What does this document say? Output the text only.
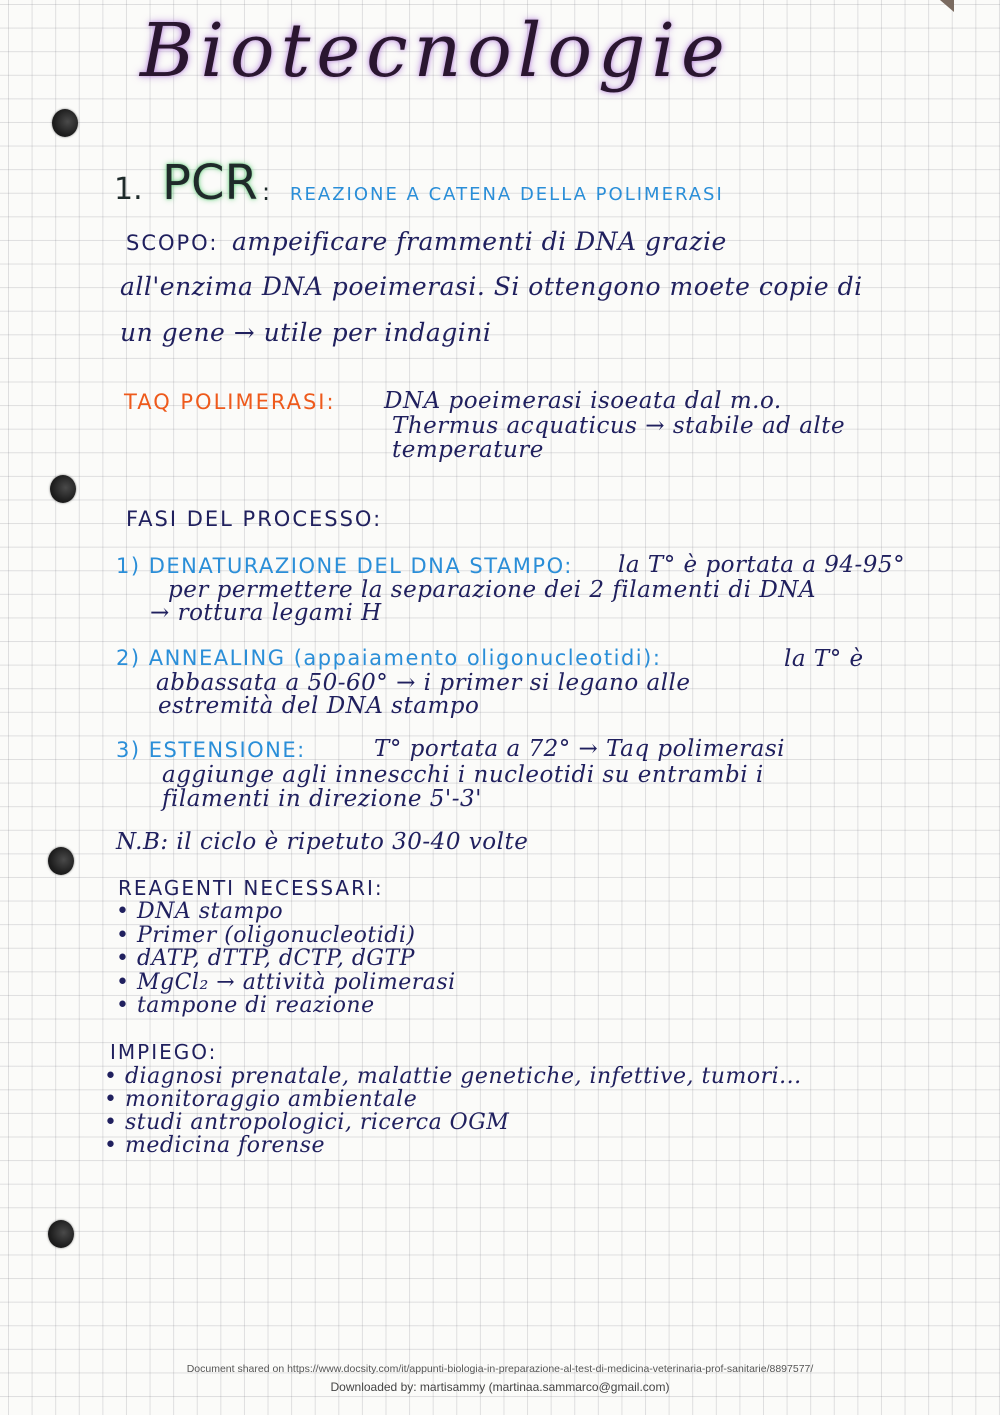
Biotecnologie
1. PCR : REAZIONE A CATENA DELLA POLIMERASI
SCOPO: ampeificare frammenti di DNA grazie
all'enzima DNA poeimerasi. Si ottengono moete copie di
un gene → utile per indagini
TAQ POLIMERASI: DNA poeimerasi isoeata dal m.o.
Thermus acquaticus → stabile ad alte
temperature
FASI DEL PROCESSO:
1) DENATURAZIONE DEL DNA STAMPO: la T° è portata a 94-95°
per permettere la separazione dei 2 filamenti di DNA
→ rottura legami H
2) ANNEALING (appaiamento oligonucleotidi):	la T° è
abbassata a 50-60° → i primer si legano alle
estremità del DNA stampo
3) ESTENSIONE:	T° portata a 72° → Taq polimerasi
aggiunge agli innescchi i nucleotidi su entrambi i
filamenti in direzione 5'-3'
N.B: il ciclo è ripetuto 30-40 volte
REAGENTI NECESSARI:
• DNA stampo
• Primer (oligonucleotidi)
• dATP, dTTP, dCTP, dGTP
• MgCl₂ → attività polimerasi
• tampone di reazione
IMPIEGO:
• diagnosi prenatale, malattie genetiche, infettive, tumori...
• monitoraggio ambientale
• studi antropologici, ricerca OGM
• medicina forense
Document shared on https://www.docsity.com/it/appunti-biologia-in-preparazione-al-test-di-medicina-veterinaria-prof-sanitarie/8897577/
Downloaded by: martisammy (martinaa.sammarco@gmail.com)
